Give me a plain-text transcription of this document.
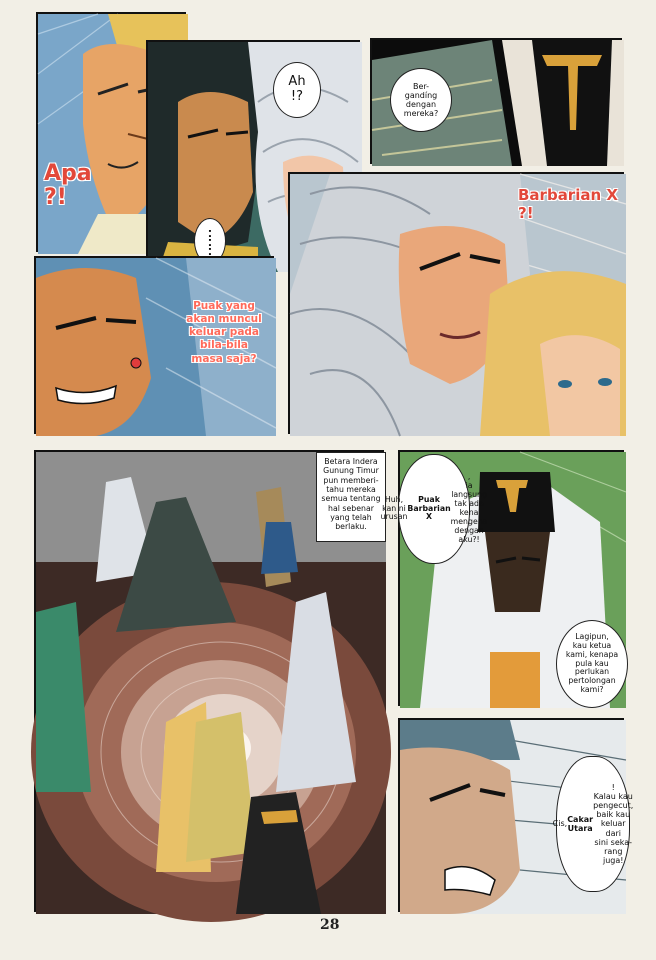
Apa
?!
Ah
!?
:
:
:
Ber-
gandíng
dengan
mereka?
Barbarian X ?!
Puak yang
akan muncul
keluar pada
bila-bila
masa saja?
Betara Indera
Gunung Timur
pun memberi-
tahu mereka
semua tentang
hal sebenar
yang telah
berlaku.
Huh,
kan ni
urusan
Puak
Barbarian X
,
ia langsung
tak ada kena
mengena
dengan
aku?!
Lagipun,
kau ketua
kami, kenapa
pula kau
perlukan
pertolongan
kami?
Cis,
Cakar
Utara
!
Kalau kau
pengecut,
baik kau
keluar dari
sini seka-
rang juga!
28
